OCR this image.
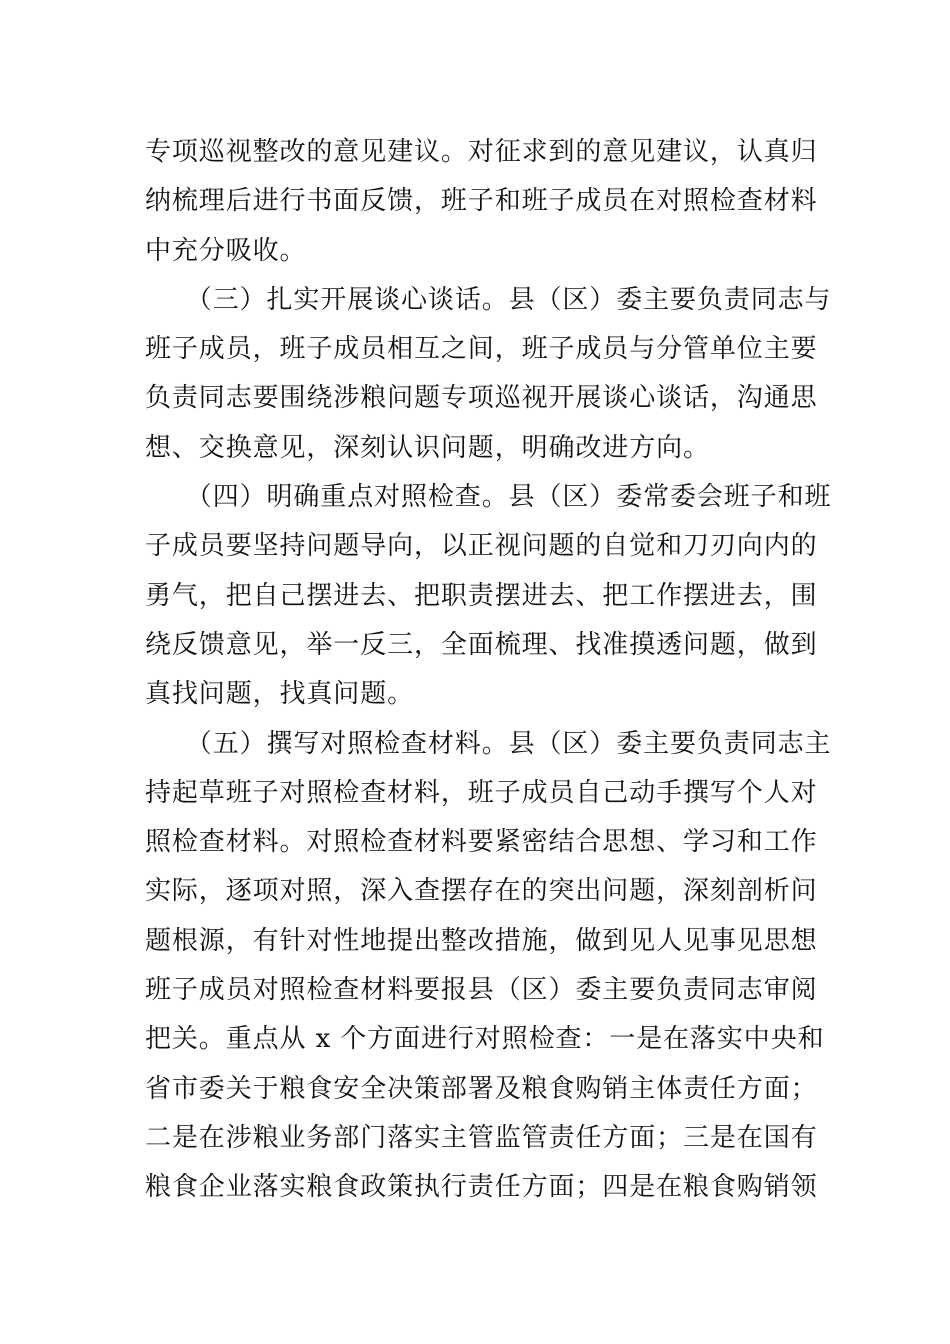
专项巡视整改的意见建议。对征求到的意见建议，认真归
纳梳理后进行书面反馈，班子和班子成员在对照检查材料
中充分吸收。
　　（三）扎实开展谈心谈话。县（区）委主要负责同志与
班子成员，班子成员相互之间，班子成员与分管单位主要
负责同志要围绕涉粮问题专项巡视开展谈心谈话，沟通思
想、交换意见，深刻认识问题，明确改进方向。
　　（四）明确重点对照检查。县（区）委常委会班子和班
子成员要坚持问题导向，以正视问题的自觉和刀刃向内的
勇气，把自己摆进去、把职责摆进去、把工作摆进去，围
绕反馈意见，举一反三，全面梳理、找准摸透问题，做到
真找问题，找真问题。
　　（五）撰写对照检查材料。县（区）委主要负责同志主
持起草班子对照检查材料，班子成员自己动手撰写个人对
照检查材料。对照检查材料要紧密结合思想、学习和工作
实际，逐项对照，深入查摆存在的突出问题，深刻剖析问
题根源，有针对性地提出整改措施，做到见人见事见思想
班子成员对照检查材料要报县（区）委主要负责同志审阅
把关。重点从 x 个方面进行对照检查：一是在落实中央和
省市委关于粮食安全决策部署及粮食购销主体责任方面；
二是在涉粮业务部门落实主管监管责任方面；三是在国有
粮食企业落实粮食政策执行责任方面；四是在粮食购销领
